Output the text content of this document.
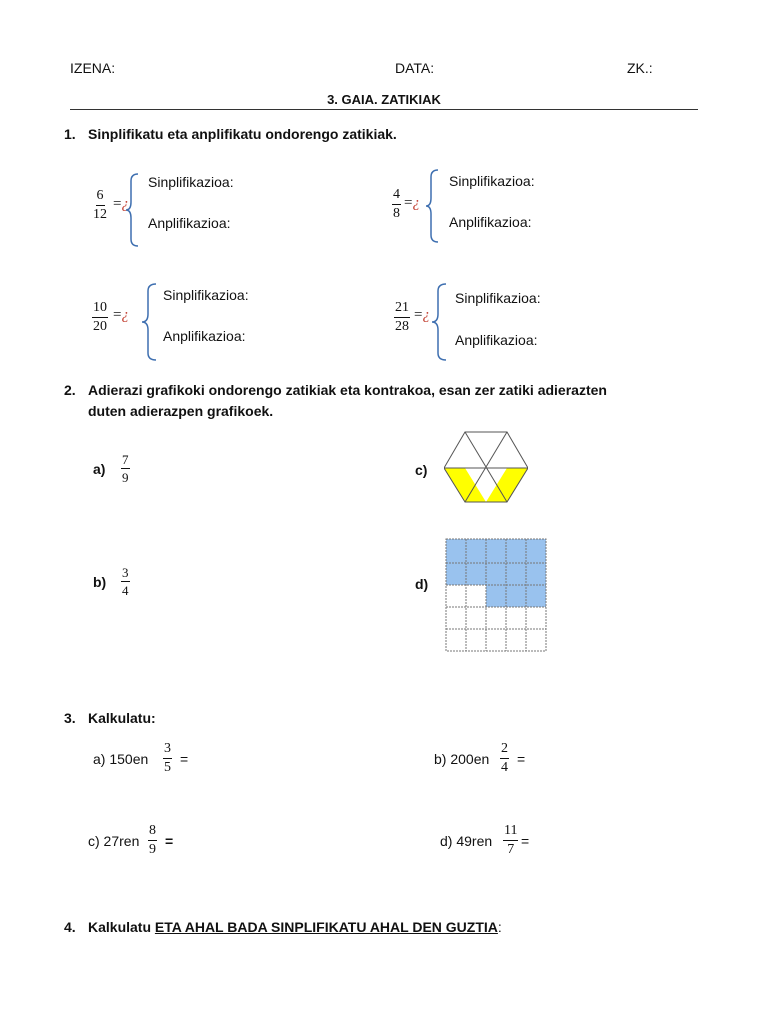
IZENA:	DATA:	ZK.:
3. GAIA. ZATIKIAK
1. Sinplifikatu eta anplifikatu ondorengo zatikiak.
$\frac{6}{12}$ =¿
Sinplifikazioa:
Anplifikazioa:
$\frac{4}{8}$ =¿
Sinplifikazioa:
Anplifikazioa:
$\frac{10}{20}$ =¿
Sinplifikazioa:
Anplifikazioa:
$\frac{21}{28}$ =¿
Sinplifikazioa:
Anplifikazioa:
2. Adierazi grafikoki ondorengo zatikiak eta kontrakoa, esan zer zatiki adierazten
duten adierazpen grafikoek.
$a) \frac{7}{9}$
$b) \frac{3}{4}$
c)
d)
3. Kalkulatu:
a) $150en \frac{3}{5}$ =	b) $200en \frac{2}{4}$ =
c) $27ren \frac{8}{9}$ =	d) $49ren \frac{11}{7}$ =
4. Kalkulatu ETA AHAL BADA SINPLIFIKATU AHAL DEN GUZTIA:
